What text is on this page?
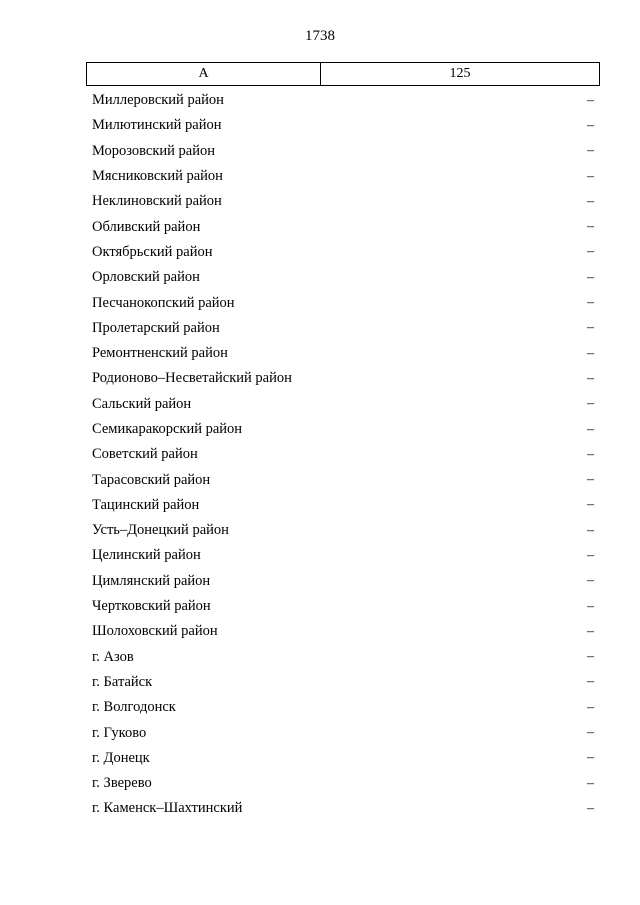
1738
А	125
Миллеровский район	–
Милютинский район	–
Морозовский район	–
Мясниковский район	–
Неклиновский район	–
Обливский район	–
Октябрьский район	–
Орловский район	–
Песчанокопский район	–
Пролетарский район	–
Ремонтненский район	–
Родионово–Несветайский район	–
Сальский район	–
Семикаракорский район	–
Советский район	–
Тарасовский район	–
Тацинский район	–
Усть–Донецкий район	–
Целинский район	–
Цимлянский район	–
Чертковский район	–
Шолоховский район	–
г. Азов	–
г. Батайск	–
г. Волгодонск	–
г. Гуково	–
г. Донецк	–
г. Зверево	–
г. Каменск–Шахтинский	–
